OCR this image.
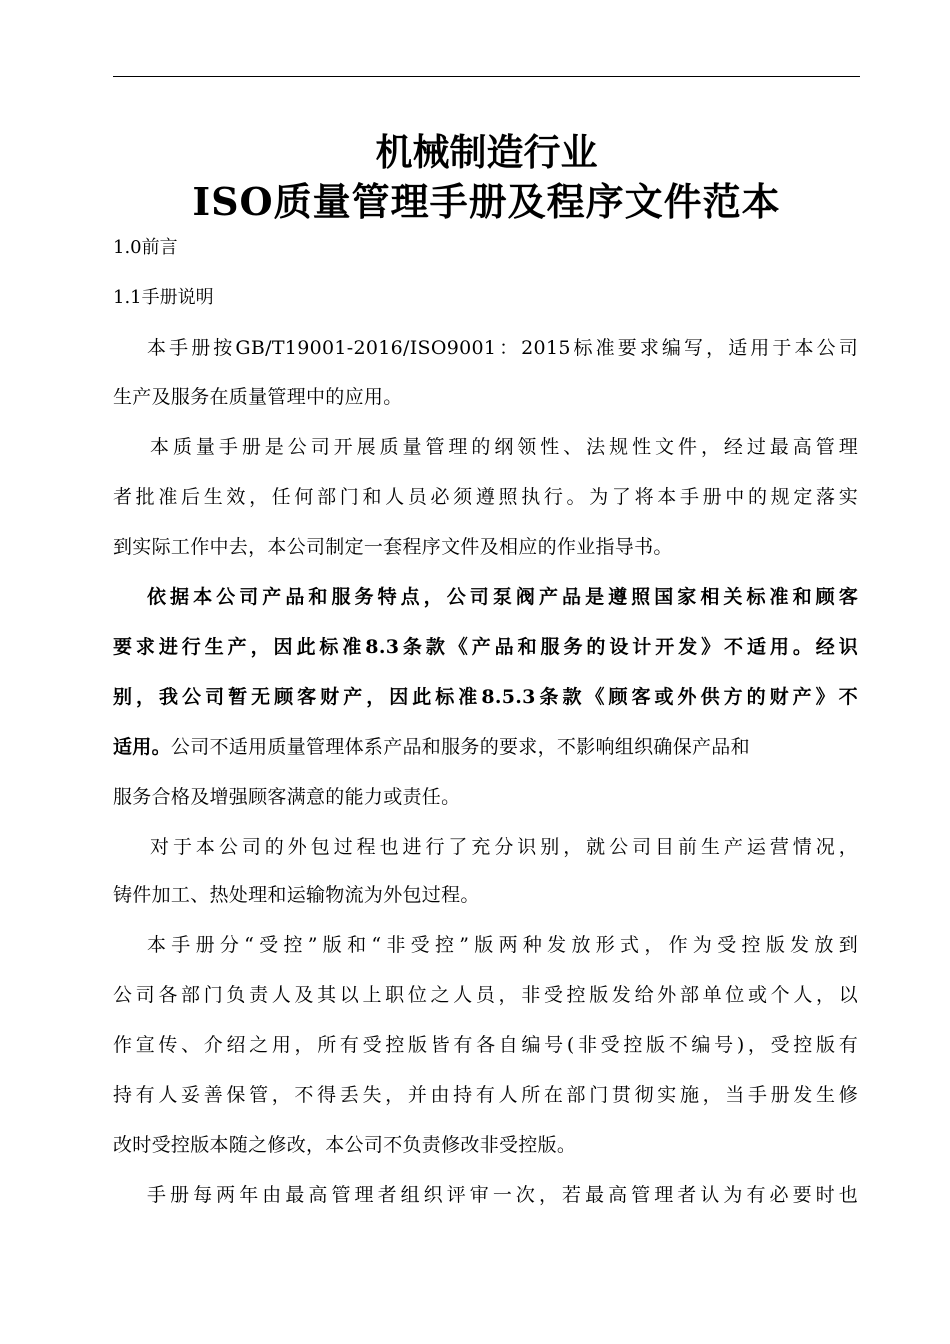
机械制造行业
ISO质量管理手册及程序文件范本
1.0前言
1.1手册说明
本手册按GB/T19001-2016/ISO9001：2015标准要求编写，适用于本公司
生产及服务在质量管理中的应用。
本质量手册是公司开展质量管理的纲领性、法规性文件，经过最高管理
者批准后生效，任何部门和人员必须遵照执行。为了将本手册中的规定落实
到实际工作中去，本公司制定一套程序文件及相应的作业指导书。
依据本公司产品和服务特点，公司泵阀产品是遵照国家相关标准和顾客
要求进行生产，因此标准8.3条款《产品和服务的设计开发》不适用。经识
别，我公司暂无顾客财产，因此标准8.5.3条款《顾客或外供方的财产》不
适用。公司不适用质量管理体系产品和服务的要求，不影响组织确保产品和
服务合格及增强顾客满意的能力或责任。
对于本公司的外包过程也进行了充分识别，就公司目前生产运营情况，
铸件加工、热处理和运输物流为外包过程。
本手册分“受控”版和“非受控”版两种发放形式，作为受控版发放到
公司各部门负责人及其以上职位之人员，非受控版发给外部单位或个人，以
作宣传、介绍之用，所有受控版皆有各自编号(非受控版不编号)，受控版有
持有人妥善保管，不得丢失，并由持有人所在部门贯彻实施，当手册发生修
改时受控版本随之修改，本公司不负责修改非受控版。
手册每两年由最高管理者组织评审一次，若最高管理者认为有必要时也
